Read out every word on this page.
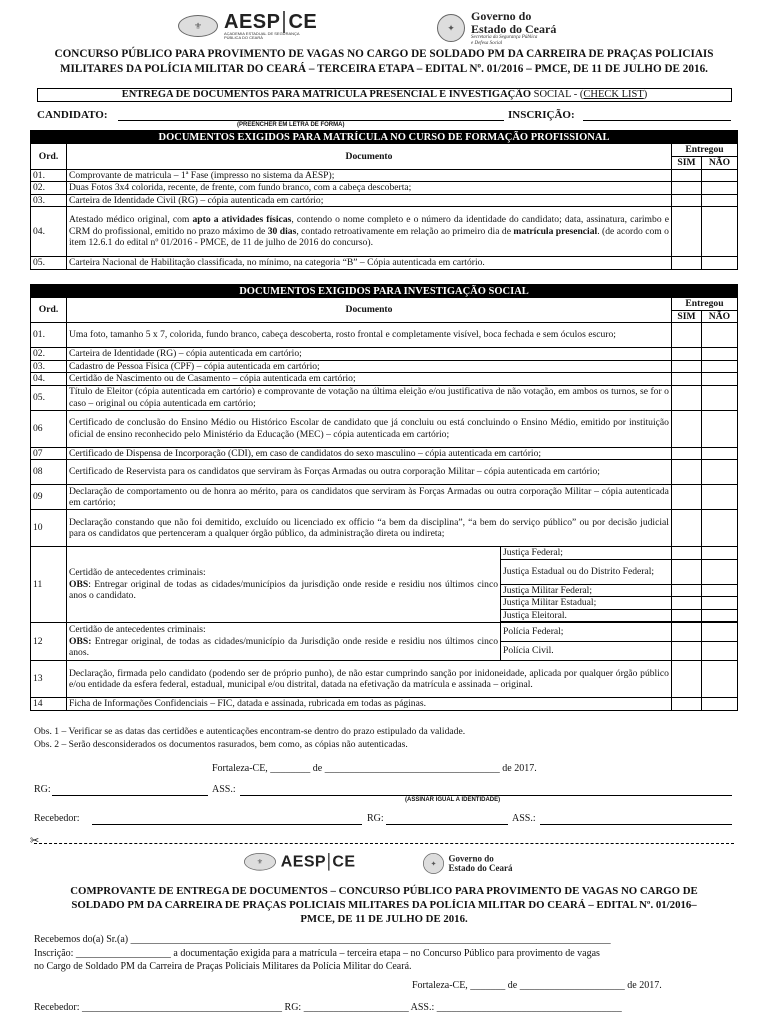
⚜	AESP CE
ACADEMIA ESTADUAL DE SEGURANÇA
PÚBLICA DO CEARÁ
✦
Governo do
Estado do Ceará
Secretaria da Segurança Pública
e Defesa Social
CONCURSO PÚBLICO PARA PROVIMENTO DE VAGAS NO CARGO DE SOLDADO PM DA CARREIRA DE PRAÇAS POLICIAIS
MILITARES DA POLÍCIA MILITAR DO CEARÁ – TERCEIRA ETAPA – EDITAL Nº. 01/2016 – PMCE, DE 11 DE JULHO DE 2016.
ENTREGA DE DOCUMENTOS PARA MATRÍCULA PRESENCIAL E INVESTIGAÇÃO SOCIAL - (CHECK LIST)
CANDIDATO:	INSCRIÇÃO:
(PREENCHER EM LETRA DE FORMA)
DOCUMENTOS EXIGIDOS PARA MATRÍCULA NO CURSO DE FORMAÇÃO PROFISSIONAL			
Ord.	Documento	Entregou	
		SIM	NÃO
01.	Comprovante de matricula – 1ª Fase (impresso no sistema da AESP);		
02.	Duas Fotos 3x4 colorida, recente, de frente, com fundo branco, com a cabeça descoberta;		
03.	Carteira de Identidade Civil (RG) – cópia autenticada em cartório;		
04.	Atestado médico original, com apto a atividades físicas, contendo o nome completo e o número da identidade do candidato; data, assinatura, carimbo e CRM do profissional, emitido no prazo máximo de 30 dias, contado retroativamente em relação ao primeiro dia de matrícula presencial. (de acordo com o item 12.6.1 do edital nº 01/2016 - PMCE, de 11 de julho de 2016 do concurso).		
05.	Carteira Nacional de Habilitação classificada, no mínimo, na categoria “B” – Cópia autenticada em cartório.		
DOCUMENTOS EXIGIDOS PARA INVESTIGAÇÃO SOCIAL				
Ord.	Documento		Entregou	
			SIM	NÃO
01.	Uma foto, tamanho 5 x 7, colorida, fundo branco, cabeça descoberta, rosto frontal e completamente visível, boca fechada e sem óculos escuro;			
02.	Carteira de Identidade (RG) – cópia autenticada em cartório;			
03.	Cadastro de Pessoa Física (CPF) – cópia autenticada em cartório;			
04.	Certidão de Nascimento ou de Casamento – cópia autenticada em cartório;			
05.	Título de Eleitor (cópia autenticada em cartório) e comprovante de votação na última eleição e/ou justificativa de não votação, em ambos os turnos, se for o caso – original ou cópia autenticada em cartório;			
06	Certificado de conclusão do Ensino Médio ou Histórico Escolar de candidato que já concluiu ou está concluindo o Ensino Médio, emitido por instituição oficial de ensino reconhecido pelo Ministério da Educação (MEC) – cópia autenticada em cartório;			
07	Certificado de Dispensa de Incorporação (CDI), em caso de candidatos do sexo masculino – cópia autenticada em cartório;			
08	Certificado de Reservista para os candidatos que serviram às Forças Armadas ou outra corporação Militar – cópia autenticada em cartório;			
09	Declaração de comportamento ou de honra ao mérito, para os candidatos que serviram às Forças Armadas ou outra corporação Militar – cópia autenticada em cartório;			
10	Declaração constando que não foi demitido, excluído ou licenciado ex officio “a bem da disciplina”, “a bem do serviço público” ou por decisão judicial para os candidatos que pertenceram a qualquer órgão público, da administração direta ou indireta;			
11	Certidão de antecedentes criminais:
OBS: Entregar original de todas as cidades/municípios da jurisdição onde reside e residiu nos últimos cinco anos o candidato.	Justiça Federal;		
		Justiça Estadual ou do Distrito Federal;		
		Justiça Militar Federal;		
		Justiça Militar Estadual;		
		Justiça Eleitoral.		

12	Certidão de antecedentes criminais:
OBS: Entregar original, de todas as cidades/município da Jurisdição onde reside e residiu nos últimos cinco anos.	Polícia Federal;		
		Polícia Civil.		
13	Declaração, firmada pelo candidato (podendo ser de próprio punho), de não estar cumprindo sanção por inidoneidade, aplicada por qualquer órgão público e/ou entidade da esfera federal, estadual, municipal e/ou distrital, datada na efetivação da matrícula e assinada – original.			
14	Ficha de Informações Confidenciais – FIC, datada e assinada, rubricada em todas as páginas.			
Obs. 1 – Verificar se as datas das certidões e autenticações encontram-se dentro do prazo estipulado da validade.
Obs. 2 – Serão desconsiderados os documentos rasurados, bem como, as cópias não autenticadas.
Fortaleza-CE, ________ de ___________________________________ de 2017.
RG:	ASS.:
(ASSINAR IGUAL A IDENTIDADE)
Recebedor:	RG:	ASS.:
✂
⚜ AESP CE	✦	Governo do
Estado do Ceará
COMPROVANTE DE ENTREGA DE DOCUMENTOS – CONCURSO PÚBLICO PARA PROVIMENTO DE VAGAS NO CARGO DE
SOLDADO PM DA CARREIRA DE PRAÇAS POLICIAIS MILITARES DA POLÍCIA MILITAR DO CEARÁ – EDITAL Nº. 01/2016–
PMCE, DE 11 DE JULHO DE 2016.
Recebemos do(a) Sr.(a) ________________________________________________________________________________________________
Inscrição: ___________________ a documentação exigida para a matrícula – terceira etapa – no Concurso Público para provimento de vagas
no Cargo de Soldado PM da Carreira de Praças Policiais Militares da Polícia Militar do Ceará.
Fortaleza-CE, _______ de _____________________ de 2017.
Recebedor: ________________________________________ RG: _____________________ ASS.: _____________________________________
